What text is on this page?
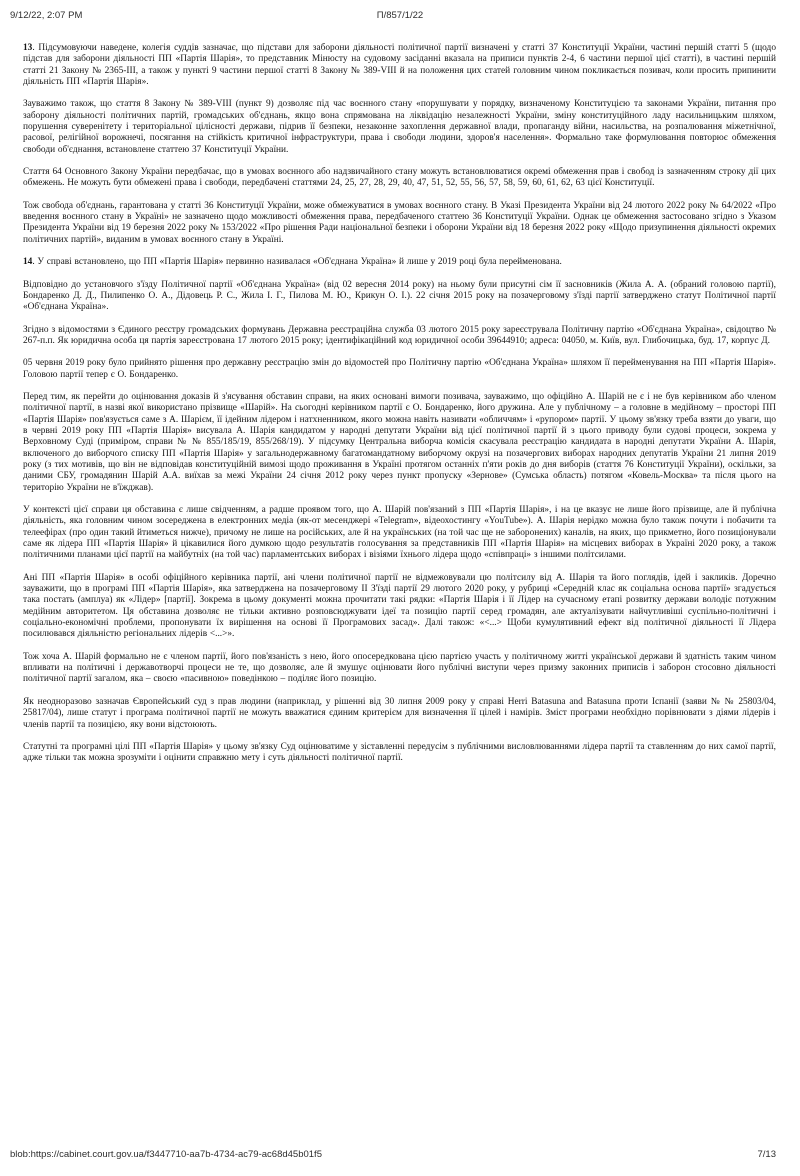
9/12/22, 2:07 PM	П/857/1/22

13. Підсумовуючи наведене, колегія суддів зазначає, що підстави для заборони діяльності політичної партії визначені у статті 37 Конституції України, частині першій статті 5 (щодо підстав для заборони діяльності ПП «Партія Шарія», то представник Мінюсту на судовому засіданні вказала на приписи пунктів 2-4, 6 частини першої цієї статті), в частині першій статті 21 Закону № 2365-III, а також у пункті 9 частини першої статті 8 Закону № 389-VIII й на положення цих статей головним чином покликається позивач, коли просить припинити діяльність ПП «Партія Шарія».

Зауважимо також, що стаття 8 Закону № 389-VIII (пункт 9) дозволяє під час воєнного стану «порушувати у порядку, визначеному Конституцією та законами України, питання про заборону діяльності політичних партій, громадських об'єднань, якщо вона спрямована на ліквідацію незалежності України, зміну конституційного ладу насильницьким шляхом, порушення суверенітету і територіальної цілісності держави, підрив її безпеки, незаконне захоплення державної влади, пропаганду війни, насильства, на розпалювання міжетнічної, расової, релігійної ворожнечі, посягання на стійкість критичної інфраструктури, права і свободи людини, здоров'я населення». Формально таке формулювання повторює обмеження свободи об'єднання, встановлене статтею 37 Конституції України.

Стаття 64 Основного Закону України передбачає, що в умовах воєнного або надзвичайного стану можуть встановлюватися окремі обмеження прав і свобод із зазначенням строку дії цих обмежень. Не можуть бути обмежені права і свободи, передбачені статтями 24, 25, 27, 28, 29, 40, 47, 51, 52, 55, 56, 57, 58, 59, 60, 61, 62, 63 цієї Конституції.

Тож свобода об'єднань, гарантована у статті 36 Конституції України, може обмежуватися в умовах воєнного стану. В Указі Президента України від 24 лютого 2022 року № 64/2022 «Про введення воєнного стану в Україні» не зазначено щодо можливості обмеження права, передбаченого статтею 36 Конституції України. Однак це обмеження застосовано згідно з Указом Президента України від 19 березня 2022 року № 153/2022 «Про рішення Ради національної безпеки і оборони України від 18 березня 2022 року «Щодо призупинення діяльності окремих політичних партій», виданим в умовах воєнного стану в Україні.

14. У справі встановлено, що ПП «Партія Шарія» первинно називалася «Об'єднана Україна» й лише у 2019 році була перейменована.

Відповідно до установчого з'їзду Політичної партії «Об'єднана Україна» (від 02 вересня 2014 року) на ньому були присутні сім її засновників (Жила А. А. (обраний головою партії), Бондаренко Д. Д., Пилипенко О. А., Дідовець Р. С., Жила І. Г., Пилова М. Ю., Крикун О. І.). 22 січня 2015 року на позачерговому з'їзді партії затверджено статут Політичної партії «Об'єднана Україна».

Згідно з відомостями з Єдиного реєстру громадських формувань Державна реєстраційна служба 03 лютого 2015 року зареєструвала Політичну партію «Об'єднана Україна», свідоцтво № 267-п.п. Як юридична особа ця партія зареєстрована 17 лютого 2015 року; ідентифікаційний код юридичної особи 39644910; адреса: 04050, м. Київ, вул. Глибочицька, буд. 17, корпус Д.

05 червня 2019 року було прийнято рішення про державну реєстрацію змін до відомостей про Політичну партію «Об'єднана Україна» шляхом її перейменування на ПП «Партія Шарія». Головою партії тепер є О. Бондаренко.

Перед тим, як перейти до оцінювання доказів й з'ясування обставин справи, на яких основані вимоги позивача, зауважимо, що офіційно А. Шарій не є і не був керівником або членом політичної партії, в назві якої використано прізвище «Шарій». На сьогодні керівником партії є О. Бондаренко, його дружина. Але у публічному – а головне в медійному – просторі ПП «Партія Шарія» пов'язується саме з А. Шарієм, її ідейним лідером і натхненником, якого можна навіть називати «обличчям» і «рупором» партії. У цьому зв'язку треба взяти до уваги, що в червні 2019 року ПП «Партія Шарія» висувала А. Шарія кандидатом у народні депутати України від цієї політичної партії й з цього приводу були судові процеси, зокрема у Верховному Суді (приміром, справи № № 855/185/19, 855/268/19). У підсумку Центральна виборча комісія скасувала реєстрацію кандидата в народні депутати України А. Шарія, включеного до виборчого списку ПП «Партія Шарія» у загальнодержавному багатомандатному виборчому окрузі на позачергових виборах народних депутатів України 21 липня 2019 року (з тих мотивів, що він не відповідав конституційній вимозі щодо проживання в Україні протягом останніх п'яти років до дня виборів (стаття 76 Конституції України), оскільки, за даними СБУ, громадянин Шарій А.А. виїхав за межі України 24 січня 2012 року через пункт пропуску «Зернове» (Сумська область) потягом «Ковель-Москва» та після цього на територію України не в'їжджав).

У контексті цієї справи ця обставина є лише свідченням, а радше проявом того, що А. Шарій пов'язаний з ПП «Партія Шарія», і на це вказує не лише його прізвище, але й публічна діяльність, яка головним чином зосереджена в електронних медіа (як-от месенджері «Telegram», відеохостингу «YouTube»). А. Шарія нерідко можна було також почути і побачити та телеефірах (про один такий йтиметься нижче), причому не лише на російських, але й на українських (на той час ще не заборонених) каналів, на яких, що прикметно, його позиціонували саме як лідера ПП «Партія Шарія» й цікавилися його думкою щодо результатів голосування за представників ПП «Партія Шарія» на місцевих виборах в Україні 2020 року, а також політичними планами цієї партії на майбутніх (на той час) парламентських виборах і візіями їхнього лідера щодо «співпраці» з іншими політсилами.

Ані ПП «Партія Шарія» в особі офіційного керівника партії, ані члени політичної партії не відмежовували цю політсилу від А. Шарія та його поглядів, ідей і закликів. Доречно зауважити, що в програмі ПП «Партія Шарія», яка затверджена на позачерговому ІІ З'їзді партії 29 лютого 2020 року, у рубриці «Середній клас як соціальна основа партії» згадується така постать (амплуа) як «Лідер» [партії]. Зокрема в цьому документі можна прочитати такі рядки: «Партія Шарія і її Лідер на сучасному етапі розвитку держави володіє потужним медійним авторитетом. Ця обставина дозволяє не тільки активно розповсюджувати ідеї та позицію партії серед громадян, але актуалізувати найчутливіші суспільно-політичні і соціально-економічні проблеми, пропонувати їх вирішення на основі її Програмових засад». Далі також: «<...> Щоби кумулятивний ефект від політичної діяльності її Лідера посилювався діяльністю регіональних лідерів <...>».

Тож хоча А. Шарій формально не є членом партії, його пов'язаність з нею, його опосередкована цією партією участь у політичному житті української держави й здатність таким чином впливати на політичні і державотворчі процеси не те, що дозволяє, але й змушує оцінювати його публічні виступи через призму законних приписів і заборон стосовно діяльності політичної партії загалом, яка – своєю «пасивною» поведінкою – поділяє його позицію.

Як неодноразово зазначав Європейський суд з прав людини (наприклад, у рішенні від 30 липня 2009 року у справі Herri Batasuna and Batasuna проти Іспанії (заяви № № 25803/04, 25817/04), лише статут і програма політичної партії не можуть вважатися єдиним критерієм для визначення її цілей і намірів. Зміст програми необхідно порівнювати з діями лідерів і членів партії та позицією, яку вони відстоюють.

Статутні та програмні цілі ПП «Партія Шарія» у цьому зв'язку Суд оцінюватиме у зіставленні передусім з публічними висловлюваннями лідера партії та ставленням до них самої партії, адже тільки так можна зрозуміти і оцінити справжню мету і суть діяльності політичної партії.

blob:https://cabinet.court.gov.ua/f3447710-aa7b-4734-ac79-ac68d45b01f5	7/13
